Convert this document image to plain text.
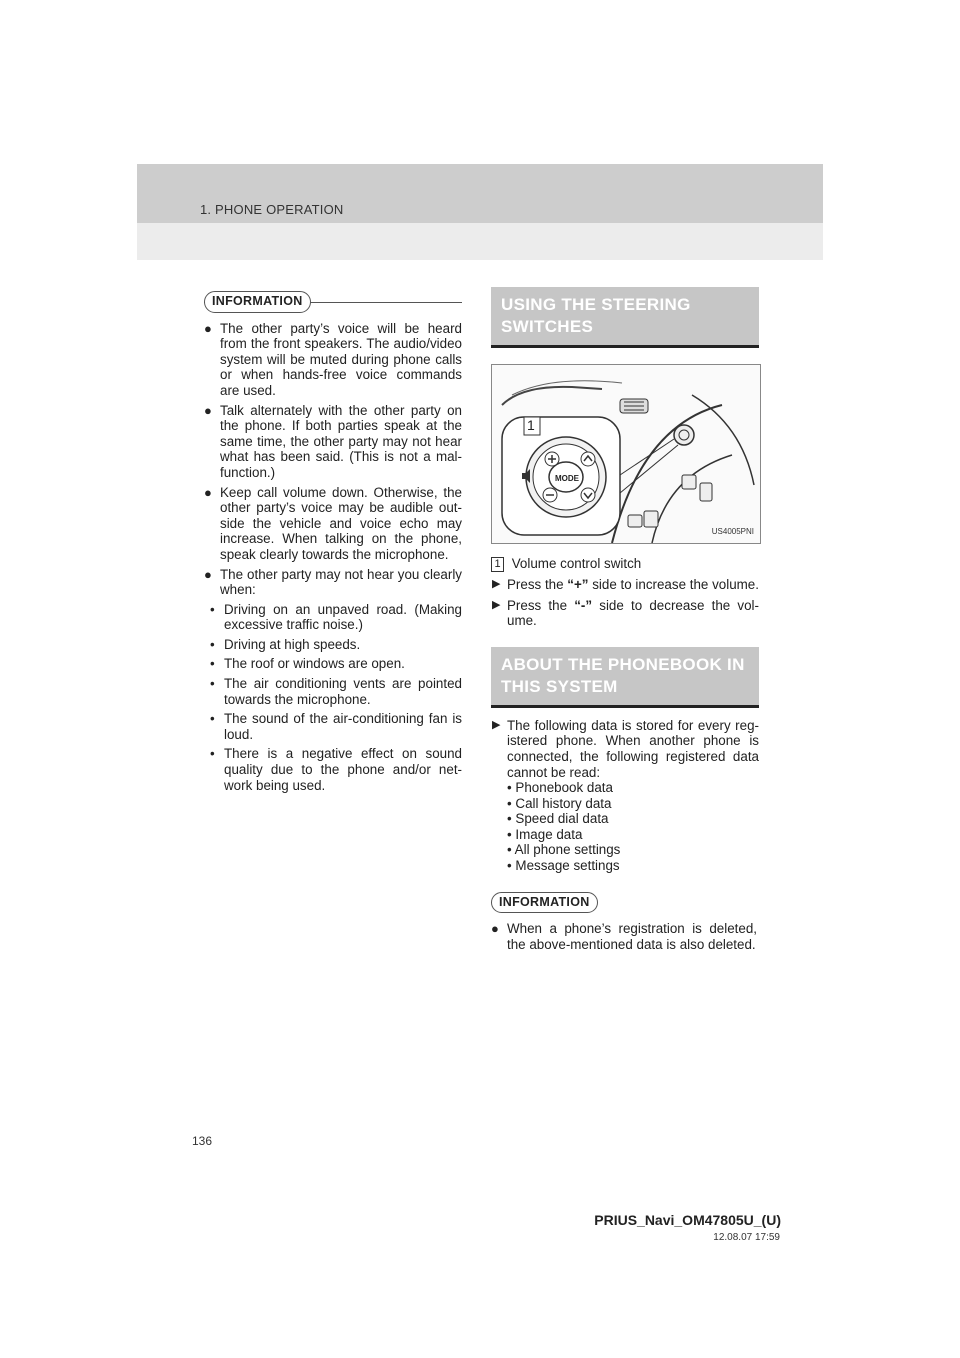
1. PHONE OPERATION
INFORMATION
● The other party’s voice will be heard from the front speakers. The audio/video system will be muted during phone calls or when hands-free voice commands are used.
● Talk alternately with the other party on the phone. If both parties speak at the same time, the other party may not hear what has been said. (This is not a mal-function.)
● Keep call volume down. Otherwise, the other party’s voice may be audible out-side the vehicle and voice echo may increase. When talking on the phone, speak clearly towards the microphone.
● The other party may not hear you clearly when:
• Driving on an unpaved road. (Making excessive traffic noise.)
• Driving at high speeds.
• The roof or windows are open.
• The air conditioning vents are pointed towards the microphone.
• The sound of the air-conditioning fan is loud.
• There is a negative effect on sound quality due to the phone and/or net-work being used.
USING THE STEERING SWITCHES
1
MODE
US4005PNI
1 Volume control switch
▶ Press the “+” side to increase the volume.
▶ Press the “-” side to decrease the vol-ume.
ABOUT THE PHONEBOOK IN THIS SYSTEM
▶ The following data is stored for every reg-istered phone. When another phone is connected, the following registered data cannot be read:
• Phonebook data
• Call history data
• Speed dial data
• Image data
• All phone settings
• Message settings
INFORMATION
● When a phone’s registration is deleted, the above-mentioned data is also deleted.
136
PRIUS_Navi_OM47805U_(U)
12.08.07 17:59
